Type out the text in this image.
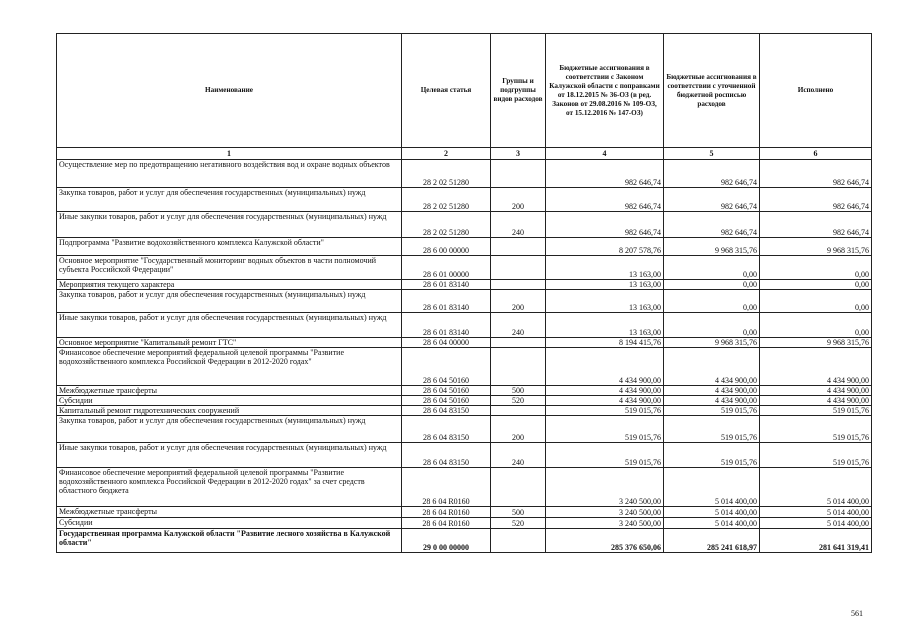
Наименование	Целевая статья	Группы и подгруппы видов расходов	Бюджетные ассигнования в соответствии с Законом Калужской области с поправками от 18.12.2015 № 36-ОЗ (в ред. Законов от 29.08.2016 № 109-ОЗ, от 15.12.2016 № 147-ОЗ)	Бюджетные ассигнования в соответствии с уточненной бюджетной росписью расходов	Исполнено
1	2	3	4	5	6
Осуществление мер по предотвращению негативного воздействия вод и охране водных объектов	28 2 02 51280		982 646,74	982 646,74	982 646,74
Закупка товаров, работ и услуг для обеспечения государственных (муниципальных) нужд	28 2 02 51280	200	982 646,74	982 646,74	982 646,74
Иные закупки товаров, работ и услуг для обеспечения государственных (муниципальных) нужд	28 2 02 51280	240	982 646,74	982 646,74	982 646,74
Подпрограмма "Развитие водохозяйственного комплекса Калужской области"	28 6 00 00000		8 207 578,76	9 968 315,76	9 968 315,76
Основное мероприятие "Государственный мониторинг водных объектов в части полномочий субъекта Российской Федерации"	28 6 01 00000		13 163,00	0,00	0,00
Мероприятия текущего характера	28 6 01 83140		13 163,00	0,00	0,00
Закупка товаров, работ и услуг для обеспечения государственных (муниципальных) нужд	28 6 01 83140	200	13 163,00	0,00	0,00
Иные закупки товаров, работ и услуг для обеспечения государственных (муниципальных) нужд	28 6 01 83140	240	13 163,00	0,00	0,00
Основное мероприятие "Капитальный ремонт ГТС"	28 6 04 00000		8 194 415,76	9 968 315,76	9 968 315,76
Финансовое обеспечение мероприятий федеральной целевой программы "Развитие водохозяйственного комплекса Российской Федерации в 2012-2020 годах"	28 6 04 50160		4 434 900,00	4 434 900,00	4 434 900,00
Межбюджетные трансферты	28 6 04 50160	500	4 434 900,00	4 434 900,00	4 434 900,00
Субсидии	28 6 04 50160	520	4 434 900,00	4 434 900,00	4 434 900,00
Капитальный ремонт гидротехнических сооружений	28 6 04 83150		519 015,76	519 015,76	519 015,76
Закупка товаров, работ и услуг для обеспечения государственных (муниципальных) нужд	28 6 04 83150	200	519 015,76	519 015,76	519 015,76
Иные закупки товаров, работ и услуг для обеспечения государственных (муниципальных) нужд	28 6 04 83150	240	519 015,76	519 015,76	519 015,76
Финансовое обеспечение мероприятий федеральной целевой программы "Развитие водохозяйственного комплекса Российской Федерации в 2012-2020 годах" за счет средств областного бюджета	28 6 04 R0160		3 240 500,00	5 014 400,00	5 014 400,00
Межбюджетные трансферты	28 6 04 R0160	500	3 240 500,00	5 014 400,00	5 014 400,00
Субсидии	28 6 04 R0160	520	3 240 500,00	5 014 400,00	5 014 400,00
Государственная программа Калужской области "Развитие лесного хозяйства в Калужской области"	29 0 00 00000		285 376 650,06	285 241 618,97	281 641 319,41
561
